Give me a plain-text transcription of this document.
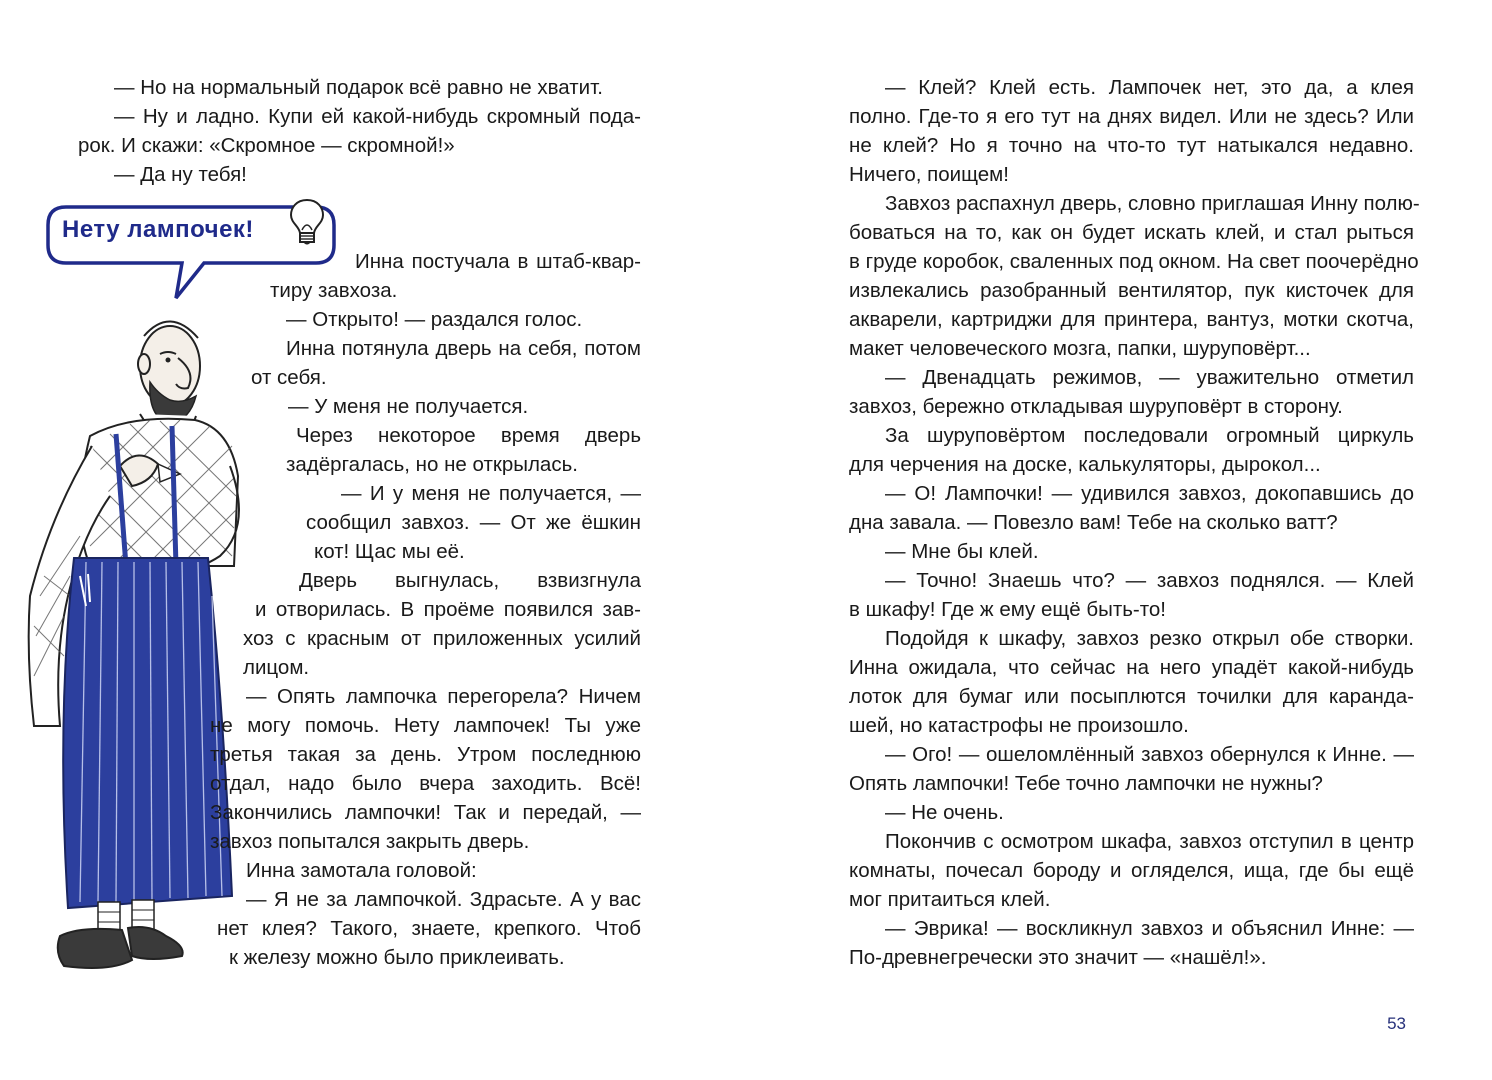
Нету лампочек!
— Но на нормальный подарок всё равно не хватит.
— Ну и ладно. Купи ей какой-нибудь скромный пода-
рок. И скажи: «Скромное — скромной!»
— Да ну тебя!
Инна постучала в штаб-квар-
тиру завхоза.
— Открыто! — раздался голос.
Инна потянула дверь на себя, потом
от себя.
— У меня не получается.
Через некоторое время дверь
задёргалась, но не открылась.
— И у меня не получается, —
сообщил завхоз. — От же ёшкин
кот! Щас мы её.
Дверь выгнулась, взвизгнула
и отворилась. В проёме появился зав-
хоз с красным от приложенных усилий
лицом.
— Опять лампочка перегорела? Ничем
не могу помочь. Нету лампочек! Ты уже
третья такая за день. Утром последнюю
отдал, надо было вчера заходить. Всё!
Закончились лампочки! Так и передай, —
завхоз попытался закрыть дверь.
Инна замотала головой:
— Я не за лампочкой. Здрасьте. А у вас
нет клея? Такого, знаете, крепкого. Чтоб
к железу можно было приклеивать.
— Клей? Клей есть. Лампочек нет, это да, а клея
полно. Где-то я его тут на днях видел. Или не здесь? Или
не клей? Но я точно на что-то тут натыкался недавно.
Ничего, поищем!
Завхоз распахнул дверь, словно приглашая Инну полю-
боваться на то, как он будет искать клей, и стал рыться
в груде коробок, сваленных под окном. На свет поочерёдно
извлекались разобранный вентилятор, пук кисточек для
акварели, картриджи для принтера, вантуз, мотки скотча,
макет человеческого мозга, папки, шуруповёрт...
— Двенадцать режимов, — уважительно отметил
завхоз, бережно откладывая шуруповёрт в сторону.
За шуруповёртом последовали огромный циркуль
для черчения на доске, калькуляторы, дырокол...
— О! Лампочки! — удивился завхоз, докопавшись до
дна завала. — Повезло вам! Тебе на сколько ватт?
— Мне бы клей.
— Точно! Знаешь что? — завхоз поднялся. — Клей
в шкафу! Где ж ему ещё быть-то!
Подойдя к шкафу, завхоз резко открыл обе створки.
Инна ожидала, что сейчас на него упадёт какой-нибудь
лоток для бумаг или посыплются точилки для каранда-
шей, но катастрофы не произошло.
— Ого! — ошеломлённый завхоз обернулся к Инне. —
Опять лампочки! Тебе точно лампочки не нужны?
— Не очень.
Покончив с осмотром шкафа, завхоз отступил в центр
комнаты, почесал бороду и огляделся, ища, где бы ещё
мог притаиться клей.
— Эврика! — воскликнул завхоз и объяснил Инне: —
По-древнегречески это значит — «нашёл!».
53
